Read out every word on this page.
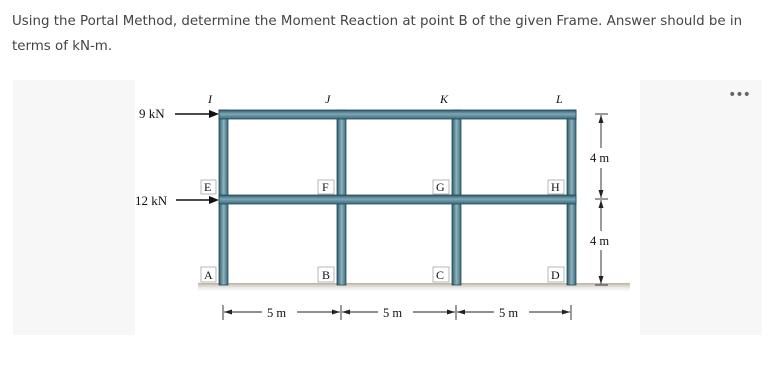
Using the Portal Method, determine the Moment Reaction at point B of the given Frame. Answer should be in terms of kN-m.
•••
9 kN
12 kN
I	J	K	L
E	F	G	H
A	B	C	D
5 m	5 m	5 m
4 m
4 m
